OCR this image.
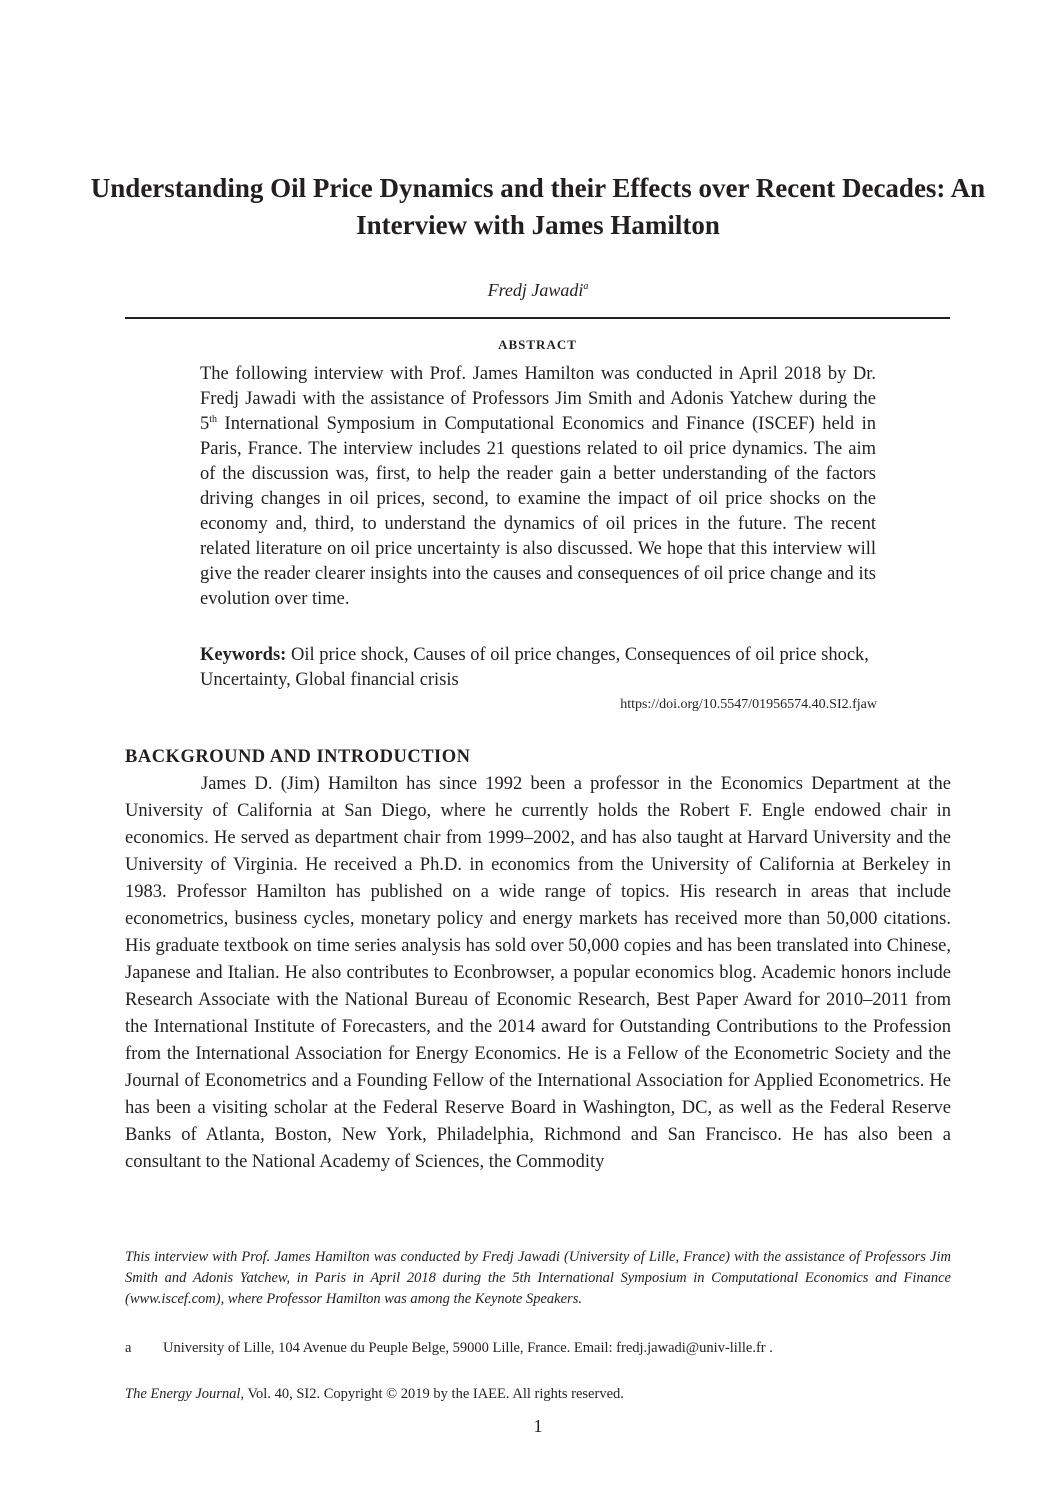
Understanding Oil Price Dynamics and their Effects over Recent Decades: An Interview with James Hamilton
Fredj Jawadi$^a$
ABSTRACT

The following interview with Prof. James Hamilton was conducted in April 2018 by Dr. Fredj Jawadi with the assistance of Professors Jim Smith and Adonis Yatchew during the 5th International Symposium in Computational Economics and Finance (ISCEF) held in Paris, France. The interview includes 21 questions related to oil price dynamics. The aim of the discussion was, first, to help the reader gain a better understanding of the factors driving changes in oil prices, second, to examine the impact of oil price shocks on the economy and, third, to understand the dynamics of oil prices in the future. The recent related literature on oil price uncertainty is also discussed. We hope that this interview will give the reader clearer insights into the causes and consequences of oil price change and its evolution over time.

Keywords: Oil price shock, Causes of oil price changes, Consequences of oil price shock, Uncertainty, Global financial crisis

https://doi.org/10.5547/01956574.40.SI2.fjaw
BACKGROUND AND INTRODUCTION

James D. (Jim) Hamilton has since 1992 been a professor in the Economics Department at the University of California at San Diego, where he currently holds the Robert F. Engle endowed chair in economics. He served as department chair from 1999–2002, and has also taught at Harvard University and the University of Virginia. He received a Ph.D. in economics from the University of California at Berkeley in 1983. Professor Hamilton has published on a wide range of topics. His research in areas that include econometrics, business cycles, monetary policy and energy markets has received more than 50,000 citations. His graduate textbook on time series analysis has sold over 50,000 copies and has been translated into Chinese, Japanese and Italian. He also contributes to Econbrowser, a popular economics blog. Academic honors include Research Associate with the National Bureau of Economic Research, Best Paper Award for 2010–2011 from the International Institute of Forecasters, and the 2014 award for Outstanding Contributions to the Profession from the International Association for Energy Economics. He is a Fellow of the Econometric Society and the Journal of Econometrics and a Founding Fellow of the International Association for Applied Econometrics. He has been a visiting scholar at the Federal Reserve Board in Washington, DC, as well as the Federal Reserve Banks of Atlanta, Boston, New York, Philadelphia, Richmond and San Francisco. He has also been a consultant to the National Academy of Sciences, the Commodity

This interview with Prof. James Hamilton was conducted by Fredj Jawadi (University of Lille, France) with the assistance of Professors Jim Smith and Adonis Yatchew, in Paris in April 2018 during the 5th International Symposium in Computational Economics and Finance (www.iscef.com), where Professor Hamilton was among the Keynote Speakers.

a University of Lille, 104 Avenue du Peuple Belge, 59000 Lille, France. Email: fredj.jawadi@univ-lille.fr .
The Energy Journal, Vol. 40, SI2. Copyright © 2019 by the IAEE. All rights reserved.
1
